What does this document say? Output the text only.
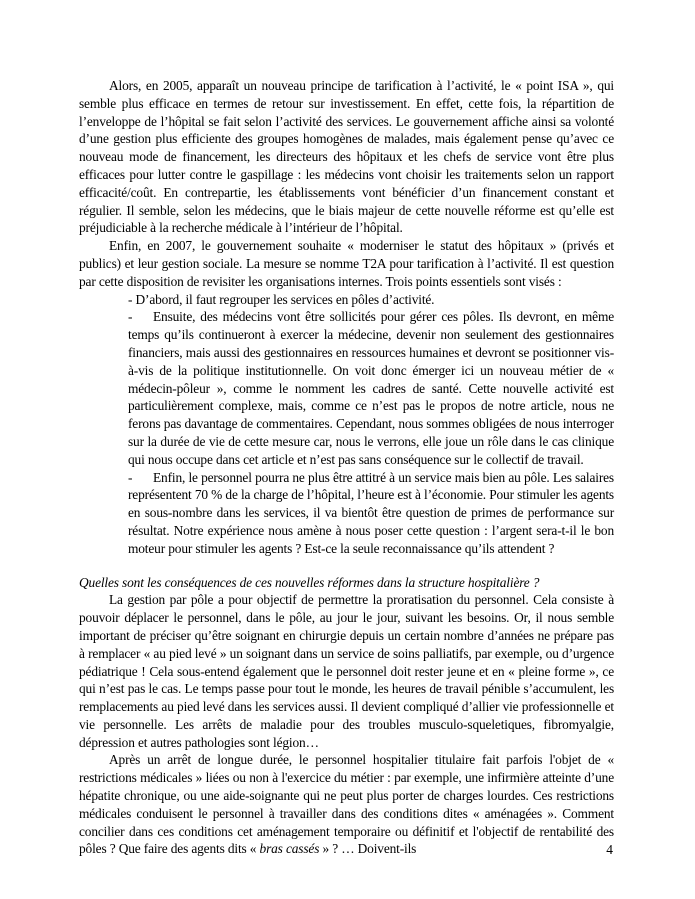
Alors, en 2005, apparaît un nouveau principe de tarification à l’activité, le « point ISA », qui semble plus efficace en termes de retour sur investissement. En effet, cette fois, la répartition de l’enveloppe de l’hôpital se fait selon l’activité des services. Le gouvernement affiche ainsi sa volonté d’une gestion plus efficiente des groupes homogènes de malades, mais également pense qu’avec ce nouveau mode de financement, les directeurs des hôpitaux et les chefs de service vont être plus efficaces pour lutter contre le gaspillage : les médecins vont choisir les traitements selon un rapport efficacité/coût. En contrepartie, les établissements vont bénéficier d’un financement constant et régulier. Il semble, selon les médecins, que le biais majeur de cette nouvelle réforme est qu’elle est préjudiciable à la recherche médicale à l’intérieur de l’hôpital.

Enfin, en 2007, le gouvernement souhaite « moderniser le statut des hôpitaux » (privés et publics) et leur gestion sociale. La mesure se nomme T2A pour tarification à l’activité. Il est question par cette disposition de revisiter les organisations internes. Trois points essentiels sont visés :

- D’abord, il faut regrouper les services en pôles d’activité.
- Ensuite, des médecins vont être sollicités pour gérer ces pôles. Ils devront, en même temps qu’ils continueront à exercer la médecine, devenir non seulement des gestionnaires financiers, mais aussi des gestionnaires en ressources humaines et devront se positionner vis-à-vis de la politique institutionnelle. On voit donc émerger ici un nouveau métier de « médecin-pôleur », comme le nomment les cadres de santé. Cette nouvelle activité est particulièrement complexe, mais, comme ce n’est pas le propos de notre article, nous ne ferons pas davantage de commentaires. Cependant, nous sommes obligées de nous interroger sur la durée de vie de cette mesure car, nous le verrons, elle joue un rôle dans le cas clinique qui nous occupe dans cet article et n’est pas sans conséquence sur le collectif de travail.
- Enfin, le personnel pourra ne plus être attitré à un service mais bien au pôle. Les salaires représentent 70 % de la charge de l’hôpital, l’heure est à l’économie. Pour stimuler les agents en sous-nombre dans les services, il va bientôt être question de primes de performance sur résultat. Notre expérience nous amène à nous poser cette question : l’argent sera-t-il le bon moteur pour stimuler les agents ? Est-ce la seule reconnaissance qu’ils attendent ?

Quelles sont les conséquences de ces nouvelles réformes dans la structure hospitalière ?

La gestion par pôle a pour objectif de permettre la proratisation du personnel. Cela consiste à pouvoir déplacer le personnel, dans le pôle, au jour le jour, suivant les besoins. Or, il nous semble important de préciser qu’être soignant en chirurgie depuis un certain nombre d’années ne prépare pas à remplacer « au pied levé » un soignant dans un service de soins palliatifs, par exemple, ou d’urgence pédiatrique ! Cela sous-entend également que le personnel doit rester jeune et en « pleine forme », ce qui n’est pas le cas. Le temps passe pour tout le monde, les heures de travail pénible s’accumulent, les remplacements au pied levé dans les services aussi. Il devient compliqué d’allier vie professionnelle et vie personnelle. Les arrêts de maladie pour des troubles musculo-squeletiques, fibromyalgie, dépression et autres pathologies sont légion…

Après un arrêt de longue durée, le personnel hospitalier titulaire fait parfois l'objet de « restrictions médicales » liées ou non à l'exercice du métier : par exemple, une infirmière atteinte d’une hépatite chronique, ou une aide-soignante qui ne peut plus porter de charges lourdes. Ces restrictions médicales conduisent le personnel à travailler dans des conditions dites « aménagées ». Comment concilier dans ces conditions cet aménagement temporaire ou définitif et l'objectif de rentabilité des pôles ? Que faire des agents dits « bras cassés » ? … Doivent-ils	4
